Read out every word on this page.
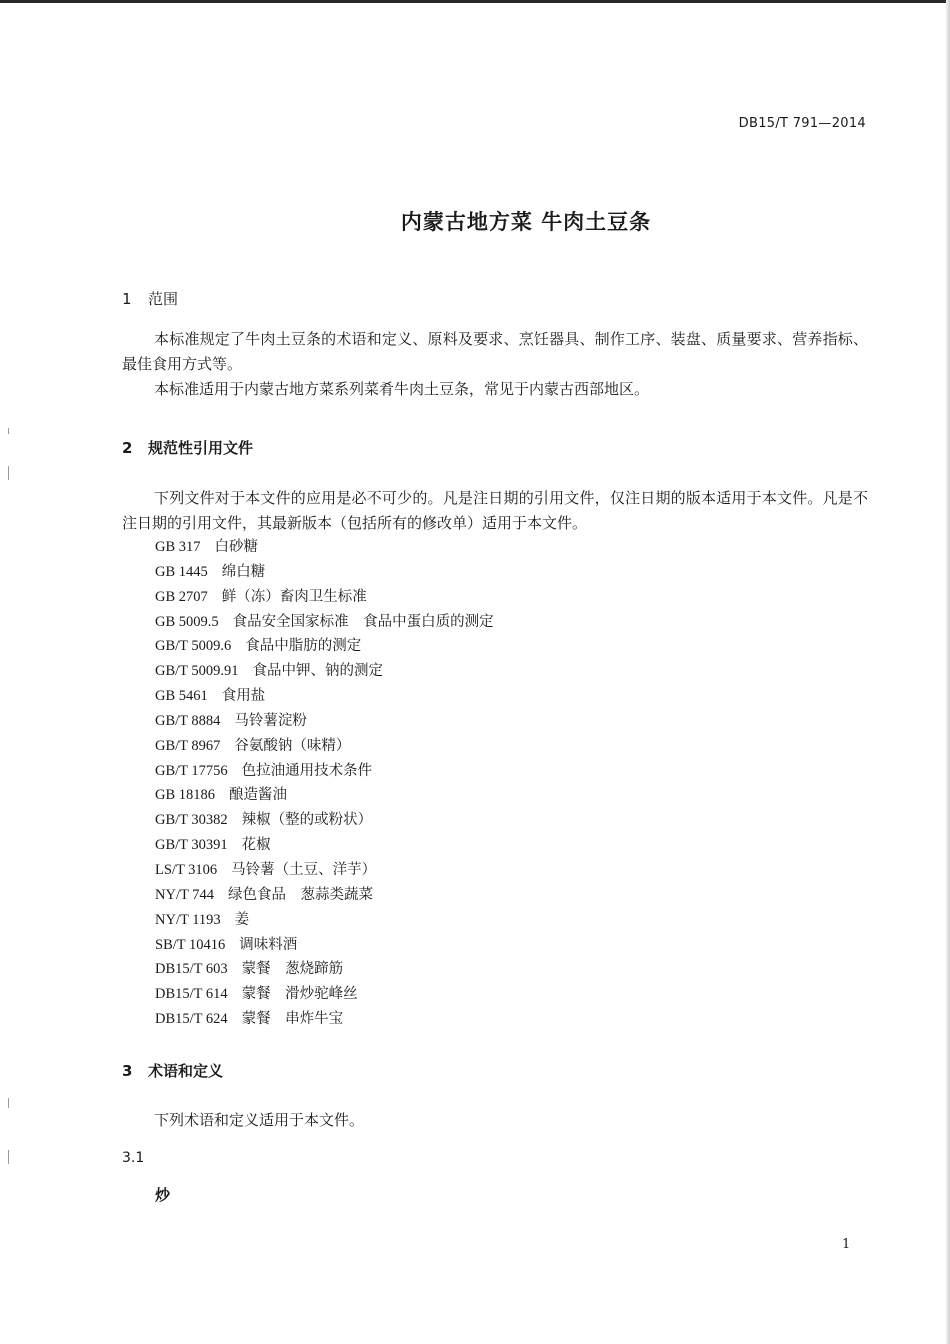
DB15/T 791—2014
内蒙古地方菜 牛肉土豆条
1 范围

本标准规定了牛肉土豆条的术语和定义、原料及要求、烹饪器具、制作工序、装盘、质量要求、营养指标、最佳食用方式等。

本标准适用于内蒙古地方菜系列菜肴牛肉土豆条，常见于内蒙古西部地区。

2 规范性引用文件

下列文件对于本文件的应用是必不可少的。凡是注日期的引用文件，仅注日期的版本适用于本文件。凡是不注日期的引用文件，其最新版本（包括所有的修改单）适用于本文件。

GB 317 白砂糖
GB 1445 绵白糖
GB 2707 鲜（冻）畜肉卫生标准
GB 5009.5 食品安全国家标准　食品中蛋白质的测定
GB/T 5009.6 食品中脂肪的测定
GB/T 5009.91 食品中钾、钠的测定
GB 5461 食用盐
GB/T 8884 马铃薯淀粉
GB/T 8967 谷氨酸钠（味精）
GB/T 17756 色拉油通用技术条件
GB 18186 酿造酱油
GB/T 30382 辣椒（整的或粉状）
GB/T 30391 花椒
LS/T 3106 马铃薯（土豆、洋芋）
NY/T 744 绿色食品　葱蒜类蔬菜
NY/T 1193 姜
SB/T 10416 调味料酒
DB15/T 603 蒙餐　葱烧蹄筋
DB15/T 614 蒙餐　滑炒驼峰丝
DB15/T 624 蒙餐　串炸牛宝
3 术语和定义

下列术语和定义适用于本文件。

3.1
炒
1
